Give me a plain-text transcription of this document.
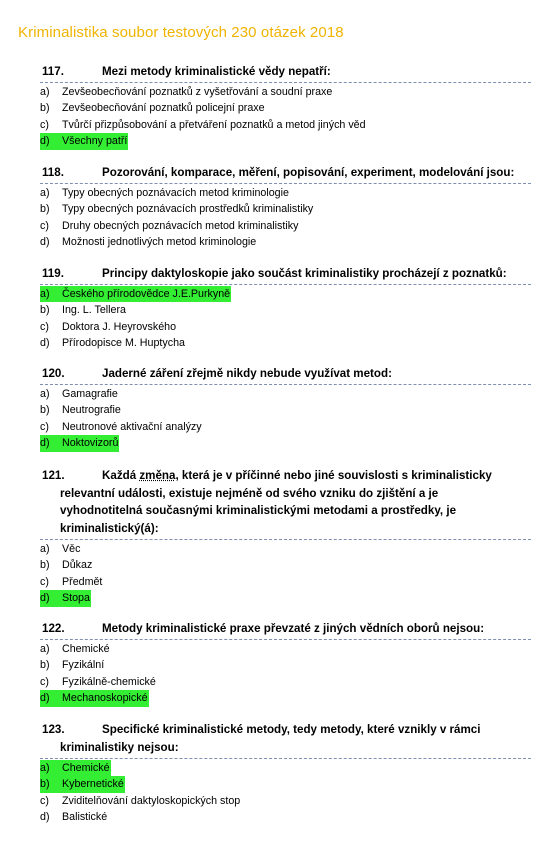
Kriminalistika soubor testových 230 otázek 2018
117.	Mezi metody kriminalistické vědy nepatří:
a)	Zevšeobecňování poznatků z vyšetřování a soudní praxe
b)	Zevšeobecňování poznatků policejní praxe
c)	Tvůrčí přizpůsobování a přetváření poznatků a metod jiných věd
d)	Všechny patří
118.	Pozorování, komparace, měření, popisování, experiment, modelování jsou:
a)	Typy obecných poznávacích metod kriminologie
b)	Typy obecných poznávacích prostředků kriminalistiky
c)	Druhy obecných poznávacích metod kriminalistiky
d)	Možnosti jednotlivých metod kriminologie
119.	Principy daktyloskopie jako součást kriminalistiky procházejí z poznatků:
a)	Českého přírodovědce J.E.Purkyně
b)	Ing. L. Tellera
c)	Doktora J. Heyrovského
d)	Přírodopisce M. Huptycha
120.	Jaderné záření zřejmě nikdy nebude využívat metod:
a)	Gamagrafie
b)	Neutrografie
c)	Neutronové aktivační analýzy
d)	Noktovizorů
121.	Každá změna, která je v příčinné nebo jiné souvislosti s kriminalisticky
relevantní události, existuje nejméně od svého vzniku do zjištění a je
vyhodnotitelná současnými kriminalistickými metodami a prostředky, je
kriminalistický(á):
a)	Věc
b)	Důkaz
c)	Předmět
d)	Stopa
122.	Metody kriminalistické praxe převzaté z jiných vědních oborů nejsou:
a)	Chemické
b)	Fyzikální
c)	Fyzikálně-chemické
d)	Mechanoskopické
123.	Specifické kriminalistické metody, tedy metody, které vznikly v rámci
kriminalistiky nejsou:
a)	Chemické
b)	Kybernetické
c)	Zviditelňování daktyloskopických stop
d)	Balistické
